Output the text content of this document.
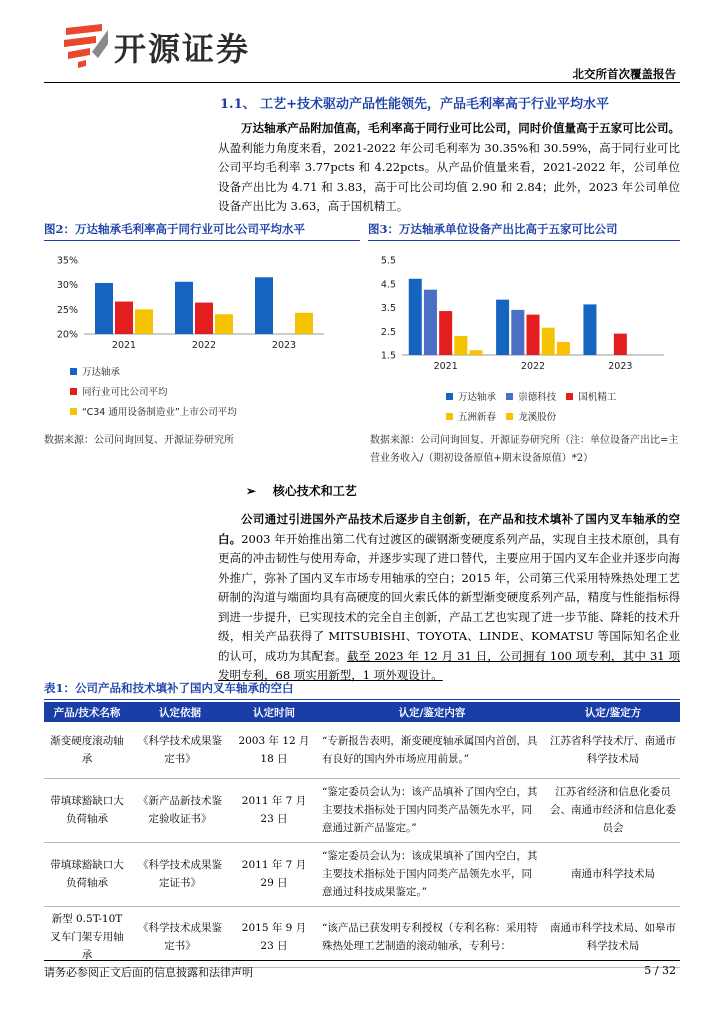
开源证券
北交所首次覆盖报告
1.1、 工艺+技术驱动产品性能领先，产品毛利率高于行业平均水平
万达轴承产品附加值高，毛利率高于同行业可比公司，同时价值量高于五家可比公司。从盈利能力角度来看，2021-2022 年公司毛利率为 30.35%和 30.59%，高于同行业可比公司平均毛利率 3.77pcts 和 4.22pcts。从产品价值量来看，2021-2022 年，公司单位设备产出比为 4.71 和 3.83，高于可比公司均值 2.90 和 2.84；此外，2023 年公司单位设备产出比为 3.63，高于国机精工。
图2：万达轴承毛利率高于同行业可比公司平均水平
35%
30%
25%
20%
2021	2022	2023
万达轴承
同行业可比公司平均
“C34 通用设备制造业”上市公司平均
数据来源：公司问询回复、开源证券研究所
图3：万达轴承单位设备产出比高于五家可比公司
5.5
4.5
3.5
2.5
1.5
2021	2022	2023
万达轴承 崇德科技 国机精工
五洲新春 龙溪股份
数据来源：公司问询回复、开源证券研究所（注：单位设备产出比=主营业务收入/（期初设备原值+期末设备原值）*2）
➢ 核心技术和工艺
公司通过引进国外产品技术后逐步自主创新，在产品和技术填补了国内叉车轴承的空白。2003 年开始推出第二代有过渡区的碳钢渐变硬度系列产品，实现自主技术原创，具有更高的冲击韧性与使用寿命，并逐步实现了进口替代，主要应用于国内叉车企业并逐步向海外推广，弥补了国内叉车市场专用轴承的空白；2015 年，公司第三代采用特殊热处理工艺研制的沟道与端面均具有高硬度的回火索氏体的新型渐变硬度系列产品，精度与性能指标得到进一步提升，已实现技术的完全自主创新，产品工艺也实现了进一步节能、降耗的技术升级，相关产品获得了 MITSUBISHI、TOYOTA、LINDE、KOMATSU 等国际知名企业的认可，成功为其配套。截至 2023 年 12 月 31 日，公司拥有 100 项专利，其中 31 项发明专利，68 项实用新型，1 项外观设计。
表1：公司产品和技术填补了国内叉车轴承的空白
产品/技术名称	认定依据	认定时间	认定/鉴定内容	认定/鉴定方
渐变硬度滚动轴承	《科学技术成果鉴定书》	2003 年 12 月 18 日	“专新报告表明，渐变硬度轴承属国内首创，具有良好的国内外市场应用前景。”	江苏省科学技术厅、南通市科学技术局
带填球豁缺口大负荷轴承	《新产品新技术鉴定验收证书》	2011 年 7 月 23 日	“鉴定委员会认为：该产品填补了国内空白，其主要技术指标处于国内同类产品领先水平，同意通过新产品鉴定。”	江苏省经济和信息化委员会、南通市经济和信息化委员会
带填球豁缺口大负荷轴承	《科学技术成果鉴定证书》	2011 年 7 月 29 日	“鉴定委员会认为：该成果填补了国内空白，其主要技术指标处于国内同类产品领先水平，同意通过科技成果鉴定。”	南通市科学技术局
新型 0.5T-10T 叉车门架专用轴承	《科学技术成果鉴定书》	2015 年 9 月 23 日	“该产品已获发明专利授权（专利名称：采用特殊热处理工艺制造的滚动轴承，专利号：	南通市科学技术局、如皋市科学技术局
请务必参阅正文后面的信息披露和法律声明	5 / 32
